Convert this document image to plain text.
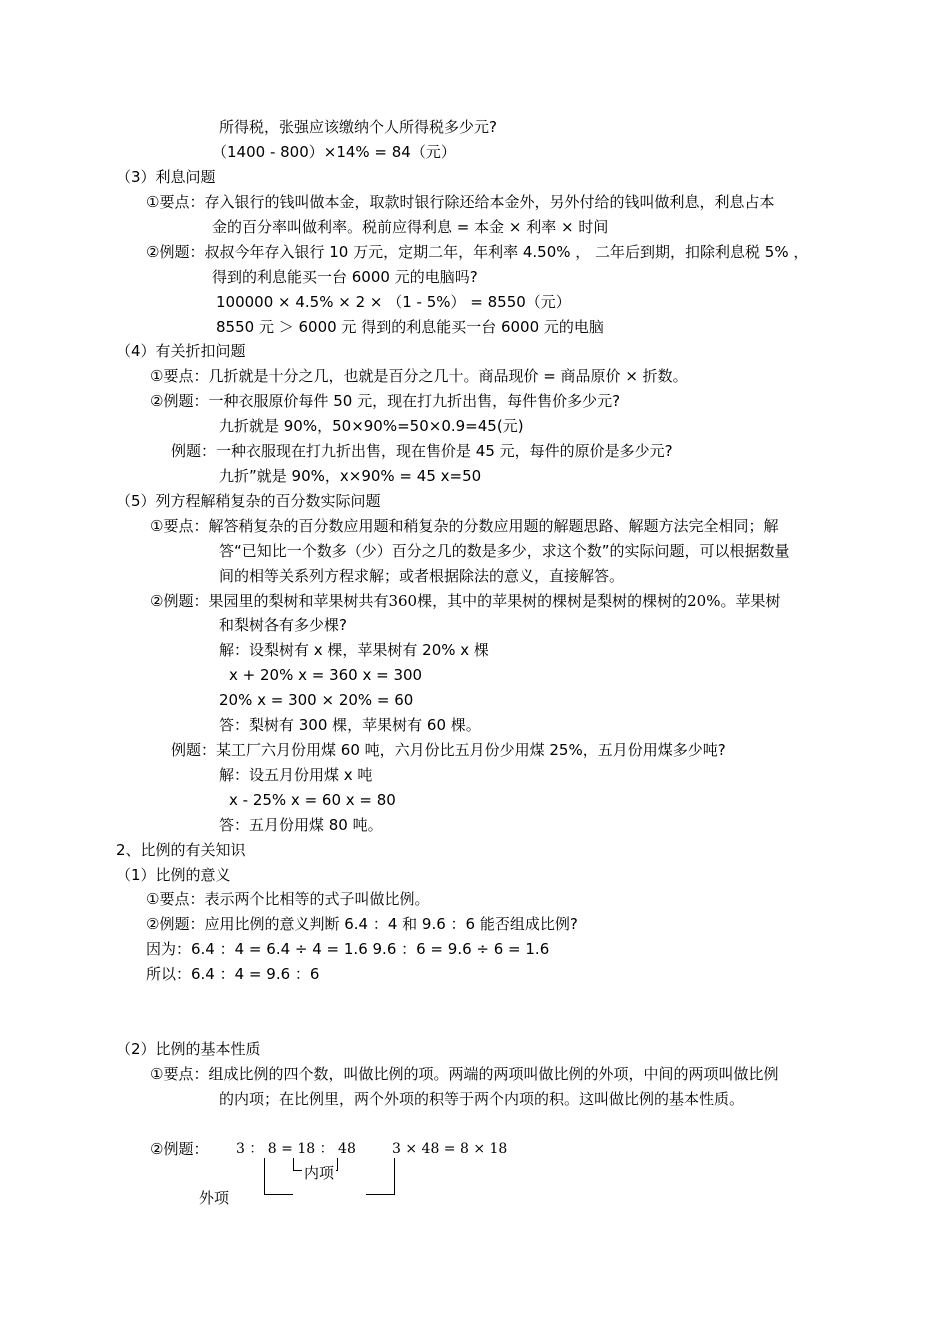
所得税，张强应该缴纳个人所得税多少元?
（1400 - 800）×14% = 84（元）
（3）利息问题
①要点：存入银行的钱叫做本金，取款时银行除还给本金外，另外付给的钱叫做利息，利息占本
金的百分率叫做利率。税前应得利息 = 本金 × 利率 × 时间
②例题：叔叔今年存入银行 10 万元，定期二年，年利率 4.50% ， 二年后到期，扣除利息税 5% ，
得到的利息能买一台 6000 元的电脑吗?
100000 × 4.5% × 2 × （1 - 5%） = 8550（元）
8550 元 ＞ 6000 元 得到的利息能买一台 6000 元的电脑
（4）有关折扣问题
①要点：几折就是十分之几，也就是百分之几十。商品现价 = 商品原价 × 折数。
②例题：一种衣服原价每件 50 元，现在打九折出售，每件售价多少元?
九折就是 90%，50×90%=50×0.9=45(元)
例题：一种衣服现在打九折出售，现在售价是 45 元，每件的原价是多少元?
九折”就是 90%，x×90% = 45 x=50
（5）列方程解稍复杂的百分数实际问题
①要点：解答稍复杂的百分数应用题和稍复杂的分数应用题的解题思路、解题方法完全相同；解
答“已知比一个数多（少）百分之几的数是多少，求这个数”的实际问题，可以根据数量
间的相等关系列方程求解；或者根据除法的意义，直接解答。
②例题：果园里的梨树和苹果树共有360棵，其中的苹果树的棵树是梨树的棵树的20%。苹果树
和梨树各有多少棵?
解：设梨树有 x 棵，苹果树有 20% x 棵
x + 20% x = 360 x = 300
20% x = 300 × 20% = 60
答：梨树有 300 棵，苹果树有 60 棵。
例题：某工厂六月份用煤 60 吨，六月份比五月份少用煤 25%，五月份用煤多少吨?
解：设五月份用煤 x 吨
x - 25% x = 60 x = 80
答：五月份用煤 80 吨。
2、比例的有关知识
（1）比例的意义
①要点：表示两个比相等的式子叫做比例。
②例题：应用比例的意义判断 6.4 ：4 和 9.6 ：6 能否组成比例?
因为：6.4 ：4 = 6.4 ÷ 4 = 1.6 9.6 ：6 = 9.6 ÷ 6 = 1.6
所以：6.4 ：4 = 9.6 ：6
（2）比例的基本性质
①要点：组成比例的四个数，叫做比例的项。两端的两项叫做比例的外项，中间的两项叫做比例
的内项；在比例里，两个外项的积等于两个内项的积。这叫做比例的基本性质。
②例题： 3 ： 8 = 18 ： 48	3 × 48 = 8 × 18
内项
外项
